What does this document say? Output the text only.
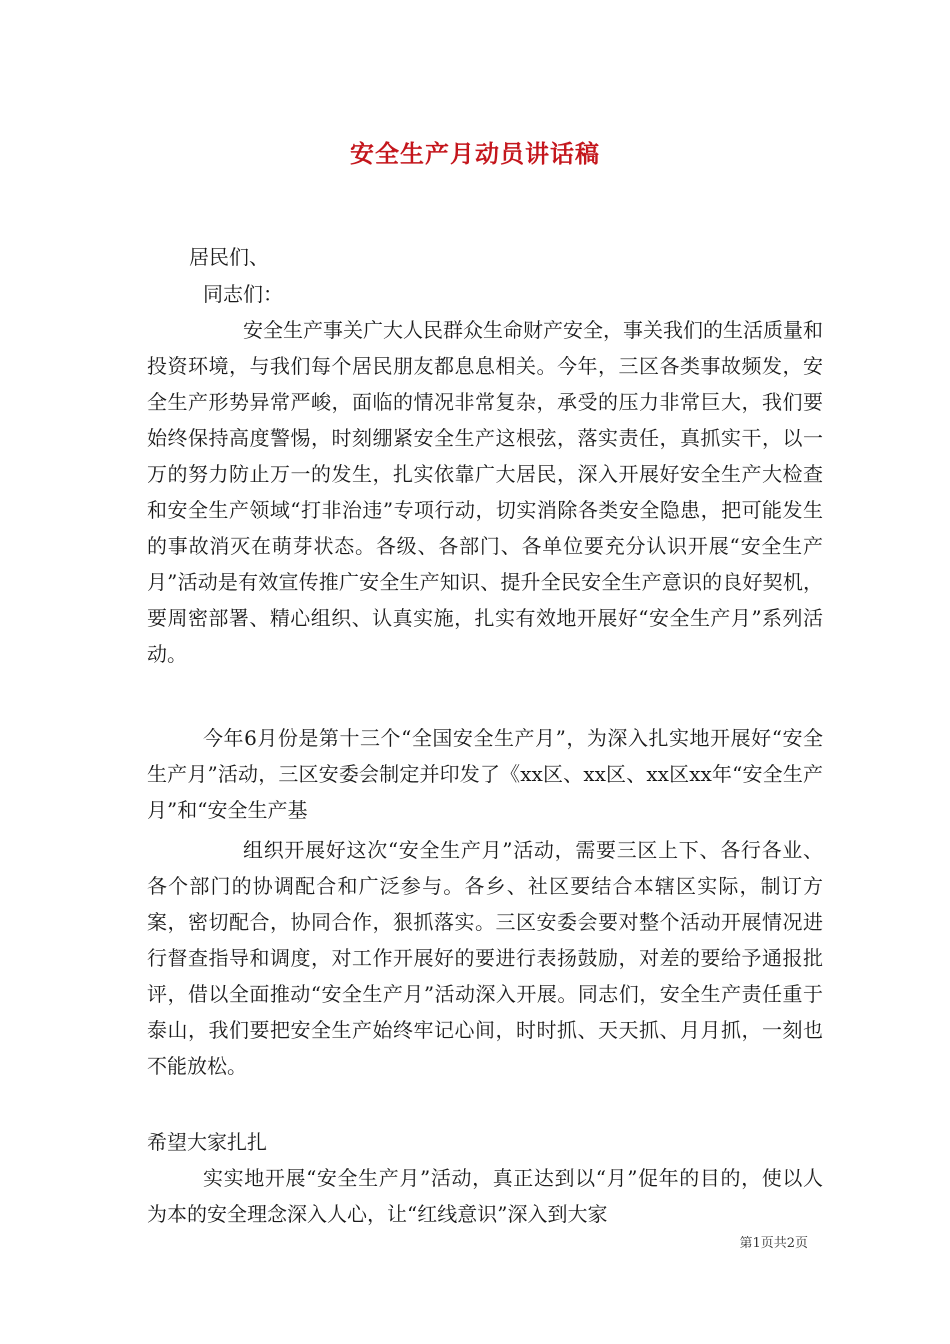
安全生产月动员讲话稿
居民们、
同志们：
安全生产事关广大人民群众生命财产安全，事关我们的生活质量和投资环境，与我们每个居民朋友都息息相关。今年，三区各类事故频发，安全生产形势异常严峻，面临的情况非常复杂，承受的压力非常巨大，我们要始终保持高度警惕，时刻绷紧安全生产这根弦，落实责任，真抓实干，以一万的努力防止万一的发生，扎实依靠广大居民，深入开展好安全生产大检查和安全生产领域“打非治违”专项行动，切实消除各类安全隐患，把可能发生的事故消灭在萌芽状态。各级、各部门、各单位要充分认识开展“安全生产月”活动是有效宣传推广安全生产知识、提升全民安全生产意识的良好契机，要周密部署、精心组织、认真实施，扎实有效地开展好“安全生产月”系列活动。
今年6月份是第十三个“全国安全生产月”，为深入扎实地开展好“安全生产月”活动，三区安委会制定并印发了《xx区、xx区、xx区xx年“安全生产月”和“安全生产基
组织开展好这次“安全生产月”活动，需要三区上下、各行各业、各个部门的协调配合和广泛参与。各乡、社区要结合本辖区实际，制订方案，密切配合，协同合作，狠抓落实。三区安委会要对整个活动开展情况进行督查指导和调度，对工作开展好的要进行表扬鼓励，对差的要给予通报批评，借以全面推动“安全生产月”活动深入开展。同志们，安全生产责任重于泰山，我们要把安全生产始终牢记心间，时时抓、天天抓、月月抓，一刻也不能放松。
希望大家扎扎
实实地开展“安全生产月”活动，真正达到以“月”促年的目的，使以人为本的安全理念深入人心，让“红线意识”深入到大家
第1页共2页
